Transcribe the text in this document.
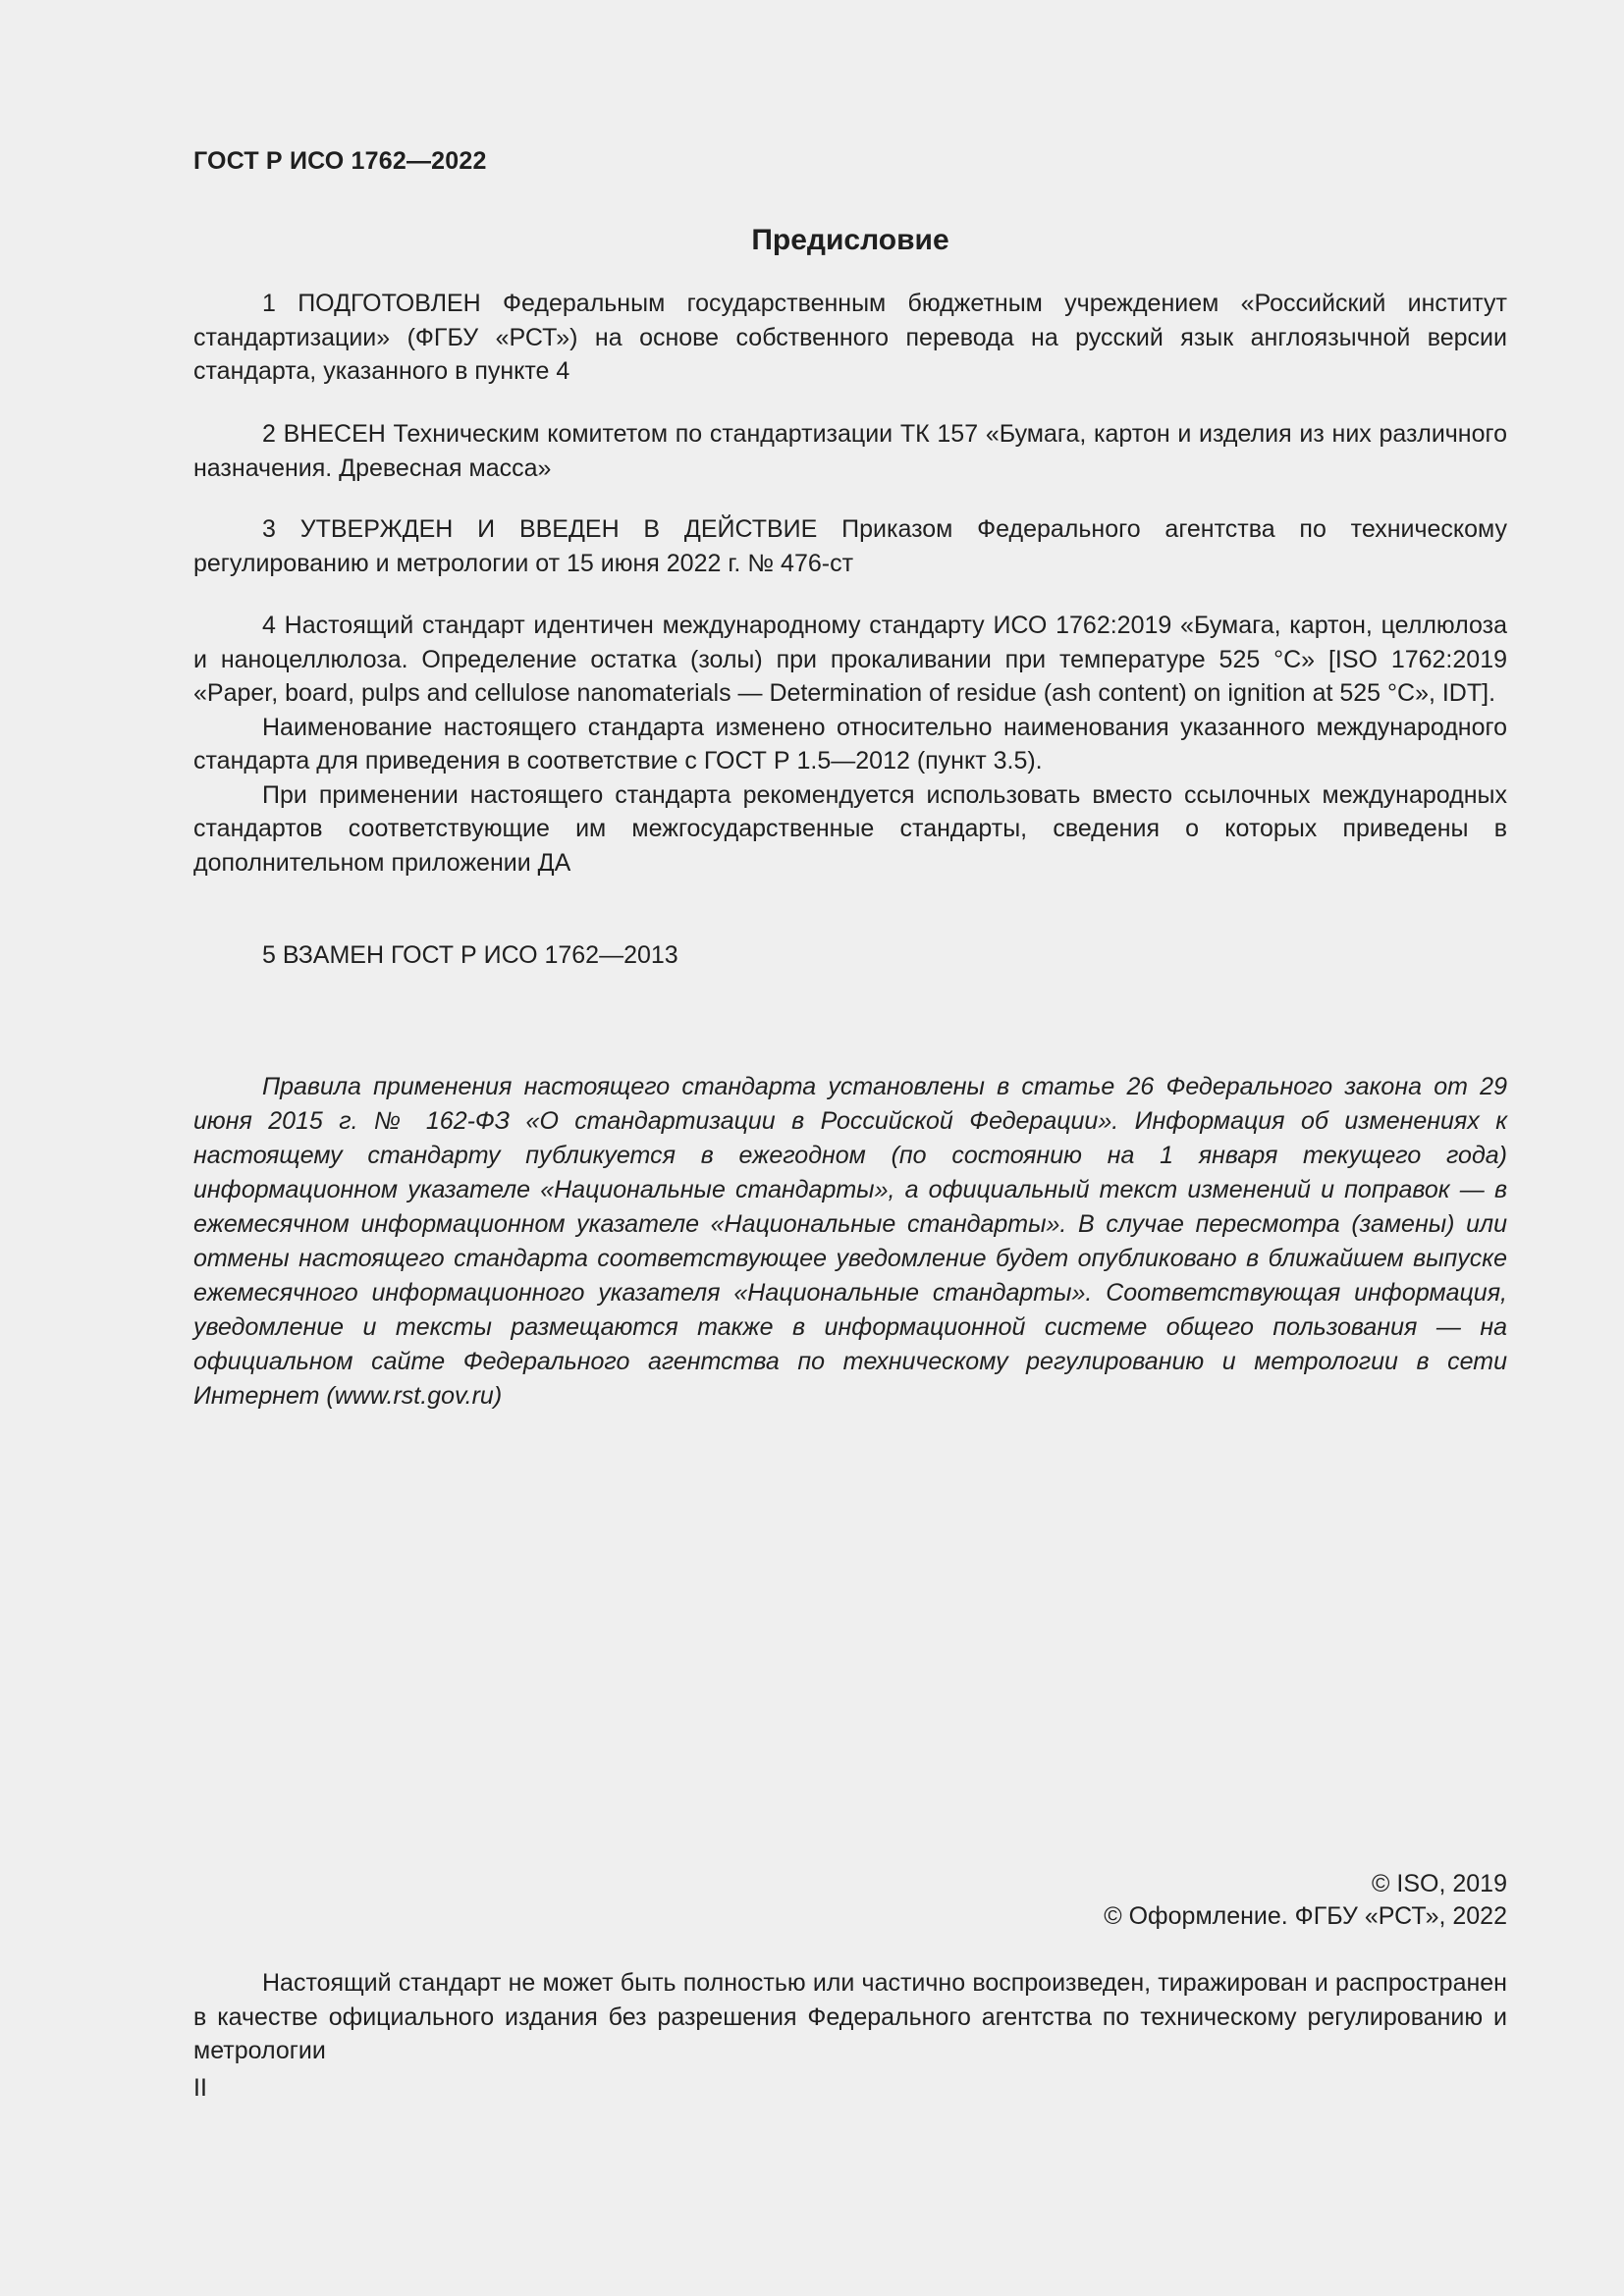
ГОСТ Р ИСО 1762—2022
Предисловие

1 ПОДГОТОВЛЕН Федеральным государственным бюджетным учреждением «Российский институт стандартизации» (ФГБУ «РСТ») на основе собственного перевода на русский язык англоязычной версии стандарта, указанного в пункте 4

2 ВНЕСЕН Техническим комитетом по стандартизации ТК 157 «Бумага, картон и изделия из них различного назначения. Древесная масса»

3 УТВЕРЖДЕН И ВВЕДЕН В ДЕЙСТВИЕ Приказом Федерального агентства по техническому регулированию и метрологии от 15 июня 2022 г. № 476-ст

4 Настоящий стандарт идентичен международному стандарту ИСО 1762:2019 «Бумага, картон, целлюлоза и наноцеллюлоза. Определение остатка (золы) при прокаливании при температуре 525 °С» [ISO 1762:2019 «Paper, board, pulps and cellulose nanomaterials — Determination of residue (ash content) on ignition at 525 °C», IDT].

Наименование настоящего стандарта изменено относительно наименования указанного международного стандарта для приведения в соответствие с ГОСТ Р 1.5—2012 (пункт 3.5).

При применении настоящего стандарта рекомендуется использовать вместо ссылочных международных стандартов соответствующие им межгосударственные стандарты, сведения о которых приведены в дополнительном приложении ДА

5 ВЗАМЕН ГОСТ Р ИСО 1762—2013

Правила применения настоящего стандарта установлены в статье 26 Федерального закона от 29 июня 2015 г. № 162-ФЗ «О стандартизации в Российской Федерации». Информация об изменениях к настоящему стандарту публикуется в ежегодном (по состоянию на 1 января текущего года) информационном указателе «Национальные стандарты», а официальный текст изменений и поправок — в ежемесячном информационном указателе «Национальные стандарты». В случае пересмотра (замены) или отмены настоящего стандарта соответствующее уведомление будет опубликовано в ближайшем выпуске ежемесячного информационного указателя «Национальные стандарты». Соответствующая информация, уведомление и тексты размещаются также в информационной системе общего пользования — на официальном сайте Федерального агентства по техническому регулированию и метрологии в сети Интернет (www.rst.gov.ru)

© ISO, 2019
© Оформление. ФГБУ «РСТ», 2022

Настоящий стандарт не может быть полностью или частично воспроизведен, тиражирован и распространен в качестве официального издания без разрешения Федерального агентства по техническому регулированию и метрологии

II
